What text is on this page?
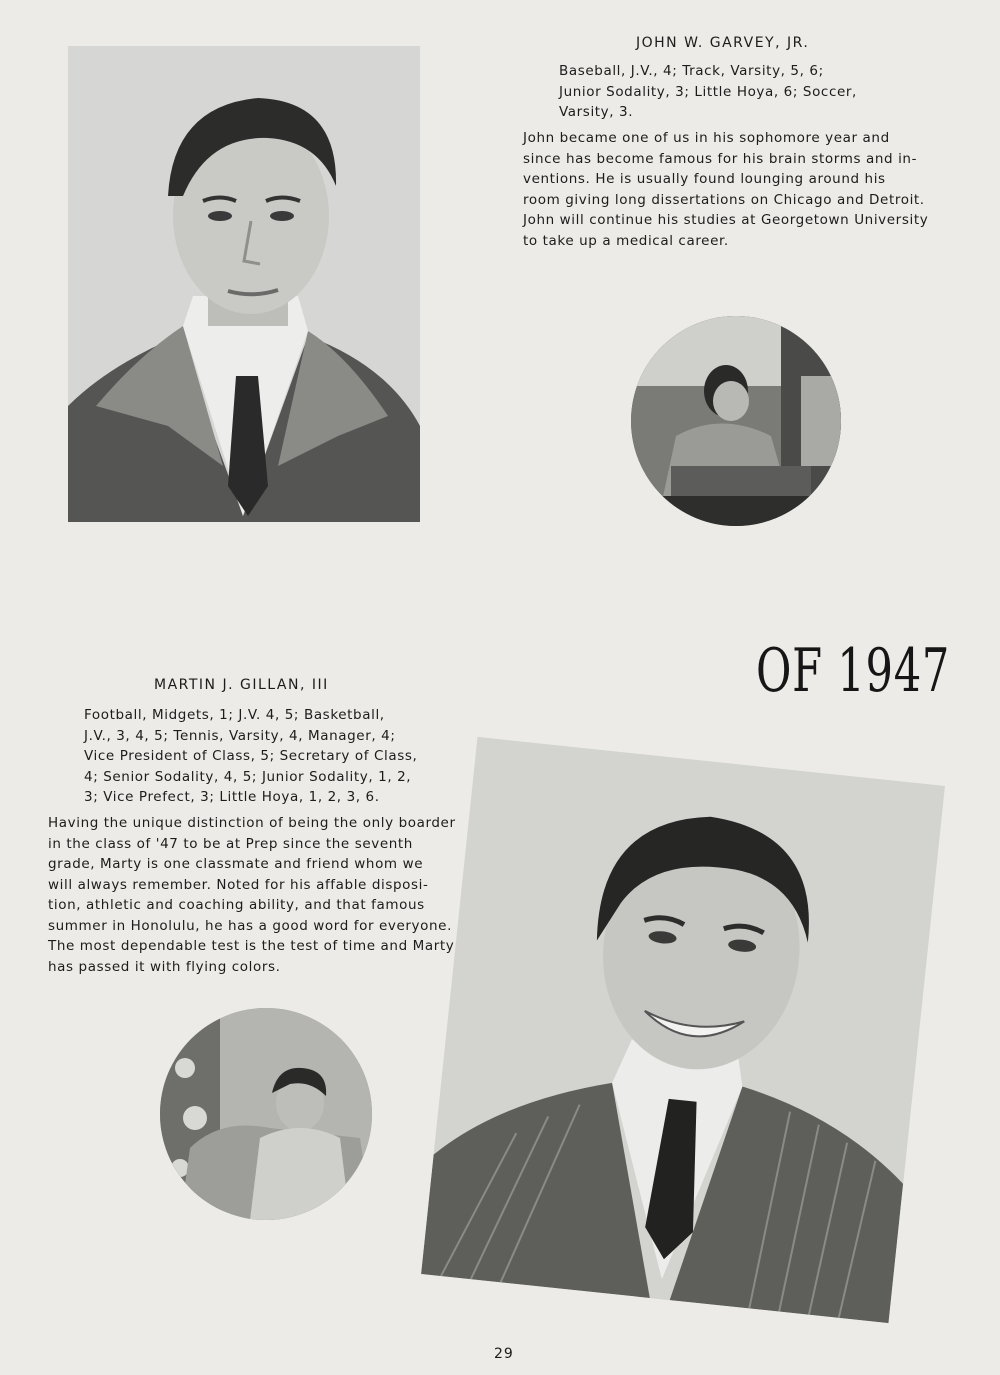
JOHN W. GARVEY, JR.
Baseball, J.V., 4; Track, Varsity, 5, 6;
Junior Sodality, 3; Little Hoya, 6; Soccer,
Varsity, 3.
John became one of us in his sophomore year and
since has become famous for his brain storms and in-
ventions. He is usually found lounging around his
room giving long dissertations on Chicago and Detroit.
John will continue his studies at Georgetown University
to take up a medical career.
OF 1947
MARTIN J. GILLAN, III
Football, Midgets, 1; J.V. 4, 5; Basketball,
J.V., 3, 4, 5; Tennis, Varsity, 4, Manager, 4;
Vice President of Class, 5; Secretary of Class,
4; Senior Sodality, 4, 5; Junior Sodality, 1, 2,
3; Vice Prefect, 3; Little Hoya, 1, 2, 3, 6.
Having the unique distinction of being the only boarder
in the class of '47 to be at Prep since the seventh
grade, Marty is one classmate and friend whom we
will always remember. Noted for his affable disposi-
tion, athletic and coaching ability, and that famous
summer in Honolulu, he has a good word for everyone.
The most dependable test is the test of time and Marty
has passed it with flying colors.
29
